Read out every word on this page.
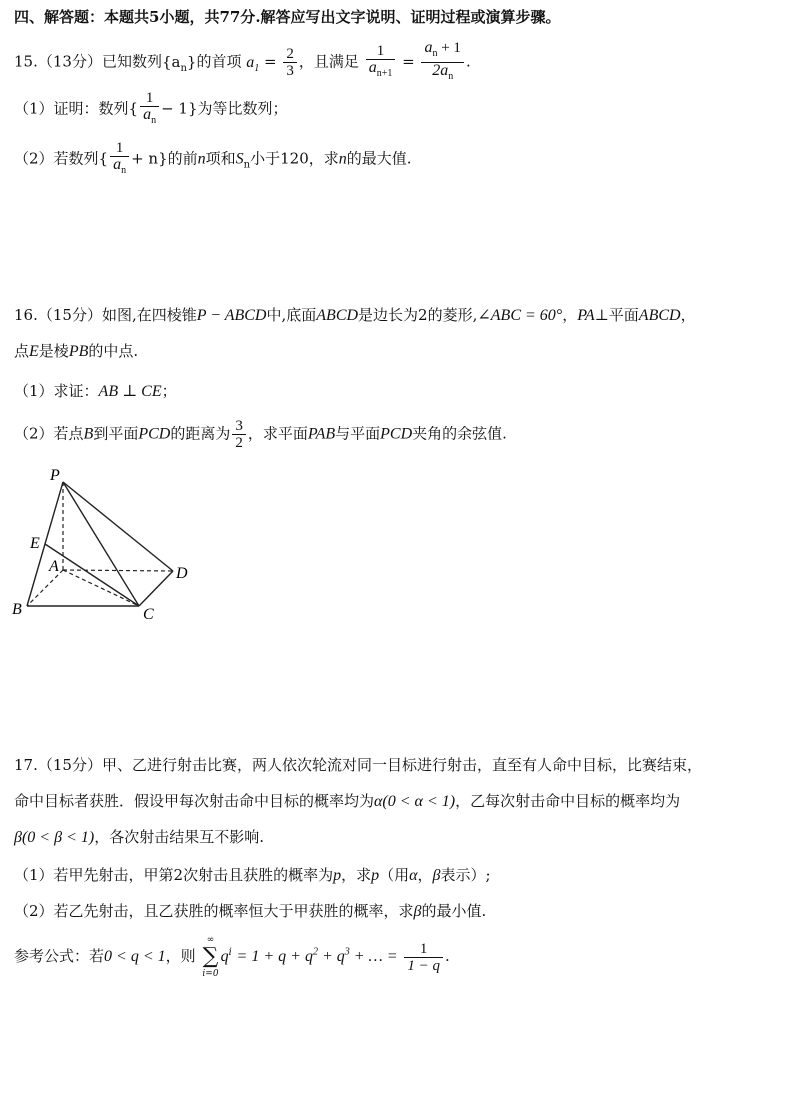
四、解答题：本题共5小题，共77分.解答应写出文字说明、证明过程或演算步骤。
15.（13分）已知数列$\{a_n\}$的首项 $a_1 = \frac{2}{3}$ ，且满足 $\frac{1}{a_{n+1}} = \frac{a_n + 1}{2a_n}$ .
（1）证明：数列{ $\frac{1}{a_n} - 1$}为等比数列；
（2）若数列{ $\frac{1}{a_n} + n$}的前n项和$S_n$小于120，求n的最大值.
16.（15分）如图,在四棱锥P − ABCD中,底面ABCD是边长为2的菱形,∠ABC = 60°，PA⊥平面ABCD，
点E是棱PB的中点.
（1）求证：AB ⊥ CE；
（2）若点B到平面PCD的距离为 $\frac{3}{2}$ ，求平面PAB与平面PCD夹角的余弦值.
P
E
A
B	C
D
17.（15分）甲、乙进行射击比赛，两人依次轮流对同一目标进行射击，直至有人命中目标，比赛结束，
命中目标者获胜．假设甲每次射击命中目标的概率均为α(0 < α < 1)，乙每次射击命中目标的概率均为
β(0 < β < 1)，各次射击结果互不影响.
（1）若甲先射击，甲第2次射击且获胜的概率为p，求p（用α，β表示）;
（2）若乙先射击，且乙获胜的概率恒大于甲获胜的概率，求β的最小值.
参考公式：若0 < q < 1，则
∞
∑
i=0
$q^i = 1 + q + q^2 + q^3$ + … = $\frac{1}{1 - q}$ .
